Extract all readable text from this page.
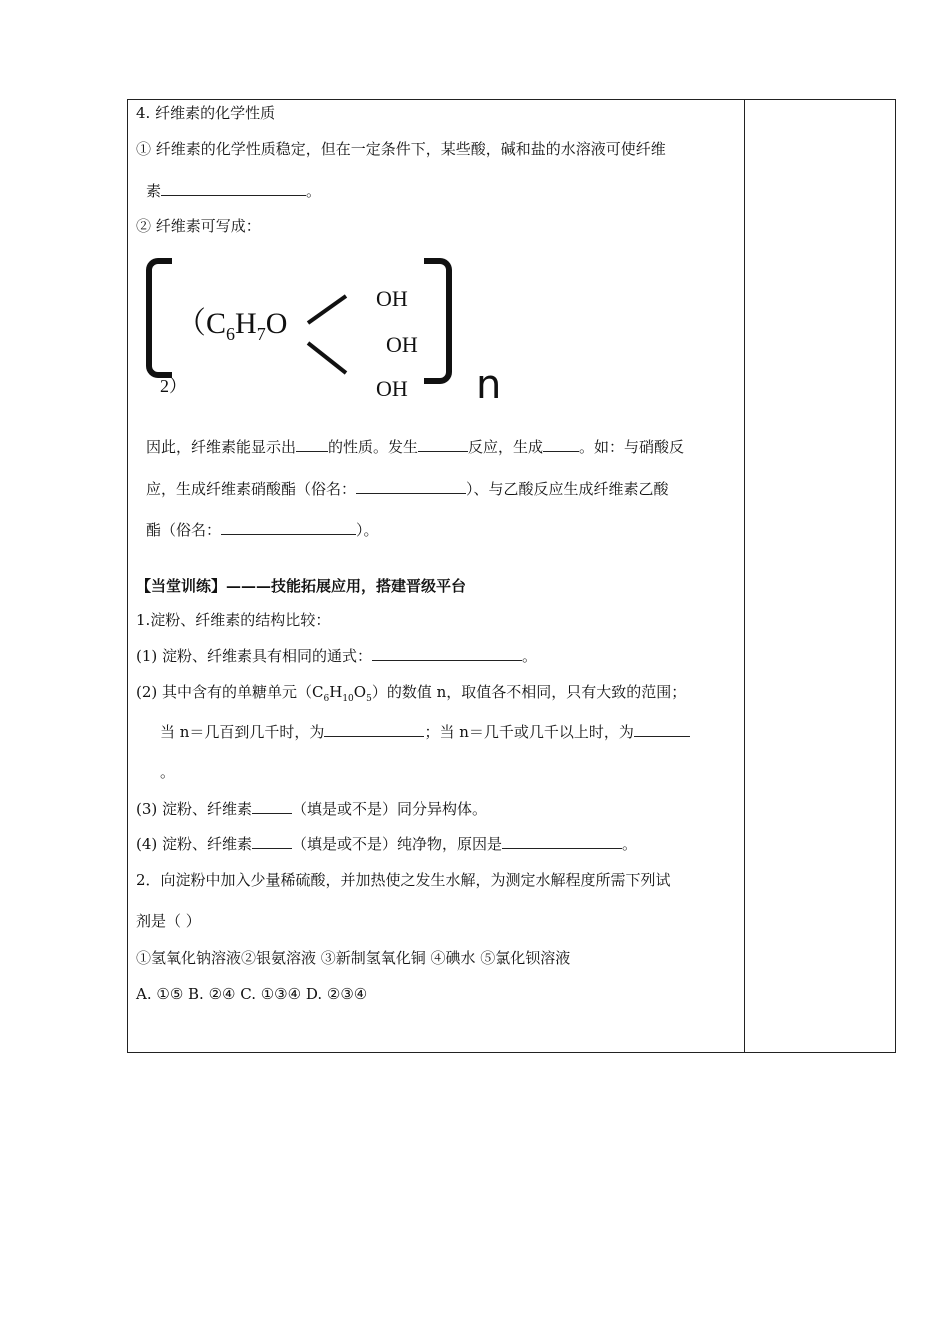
4. 纤维素的化学性质
① 纤维素的化学性质稳定，但在一定条件下，某些酸，碱和盐的水溶液可使纤维
素	。
② 纤维素可写成：
（$C_6H_7O$
OH
OH
OH
2）	n
因此，纤维素能显示出 的性质。发生	反应，生成 。如：与硝酸反
应，生成纤维素硝酸酯（俗名：	）、与乙酸反应生成纤维素乙酸
酯（俗名：	）。
【当堂训练】———技能拓展应用，搭建晋级平台
1.淀粉、纤维素的结构比较：
(1) 淀粉、纤维素具有相同的通式：	。
(2) 其中含有的单糖单元$(C_6H_{10}O_5)$的数值 n，取值各不相同，只有大致的范围；
当 n＝几百到几千时，为	；当 n＝几千或几千以上时，为
。
(3) 淀粉、纤维素	（填是或不是）同分异构体。
(4) 淀粉、纤维素	（填是或不是）纯净物，原因是	。
2．向淀粉中加入少量稀硫酸，并加热使之发生水解，为测定水解程度所需下列试
剂是（ ）
①氢氧化钠溶液②银氨溶液 ③新制氢氧化铜 ④碘水 ⑤氯化钡溶液
A. ①⑤ B. ②④ C. ①③④ D. ②③④
